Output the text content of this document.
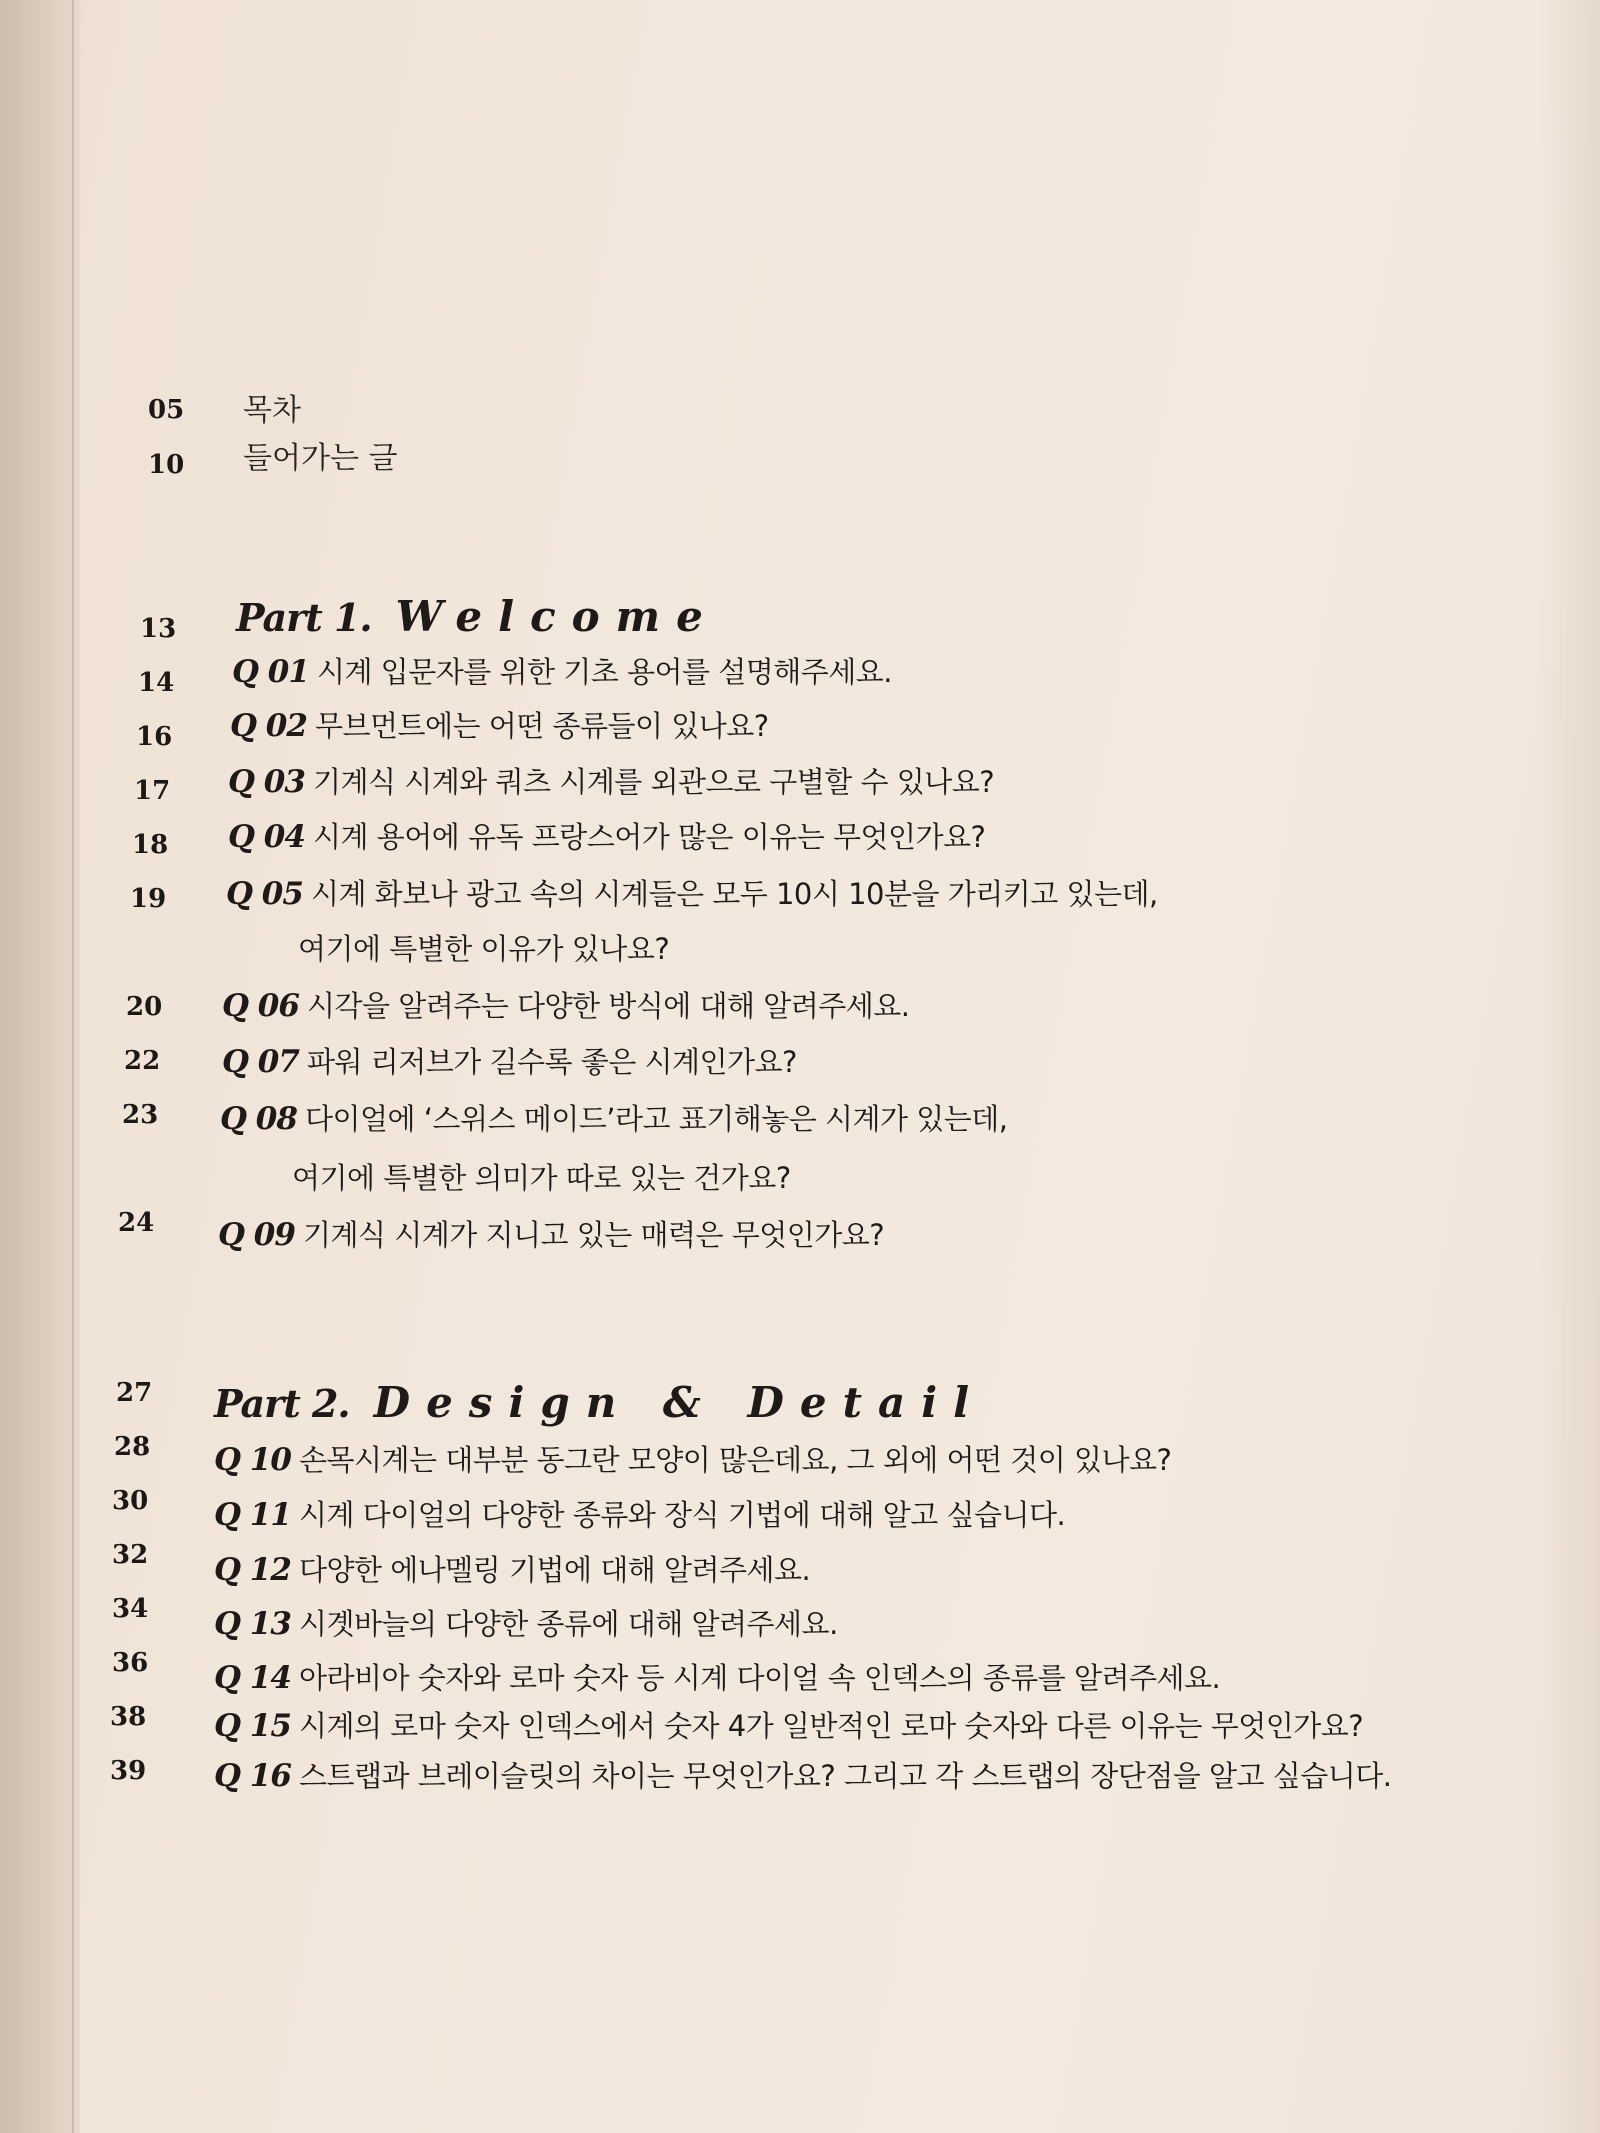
05 목차
10 들어가는 글
13 Part 1. Welcome
14 Q 01 시계 입문자를 위한 기초 용어를 설명해주세요.
16 Q 02 무브먼트에는 어떤 종류들이 있나요?
17 Q 03 기계식 시계와 쿼츠 시계를 외관으로 구별할 수 있나요?
18 Q 04 시계 용어에 유독 프랑스어가 많은 이유는 무엇인가요?
19 Q 05 시계 화보나 광고 속의 시계들은 모두 10시 10분을 가리키고 있는데,
여기에 특별한 이유가 있나요?
20 Q 06 시각을 알려주는 다양한 방식에 대해 알려주세요.
22 Q 07 파워 리저브가 길수록 좋은 시계인가요?
23 Q 08 다이얼에 ‘스위스 메이드’라고 표기해놓은 시계가 있는데,
여기에 특별한 의미가 따로 있는 건가요?
24 Q 09 기계식 시계가 지니고 있는 매력은 무엇인가요?
27 Part 2. Design & Detail
28 Q 10 손목시계는 대부분 동그란 모양이 많은데요, 그 외에 어떤 것이 있나요?
30 Q 11 시계 다이얼의 다양한 종류와 장식 기법에 대해 알고 싶습니다.
32 Q 12 다양한 에나멜링 기법에 대해 알려주세요.
34 Q 13 시곗바늘의 다양한 종류에 대해 알려주세요.
36 Q 14 아라비아 숫자와 로마 숫자 등 시계 다이얼 속 인덱스의 종류를 알려주세요.
38 Q 15 시계의 로마 숫자 인덱스에서 숫자 4가 일반적인 로마 숫자와 다른 이유는 무엇인가요?
39 Q 16 스트랩과 브레이슬릿의 차이는 무엇인가요? 그리고 각 스트랩의 장단점을 알고 싶습니다.
